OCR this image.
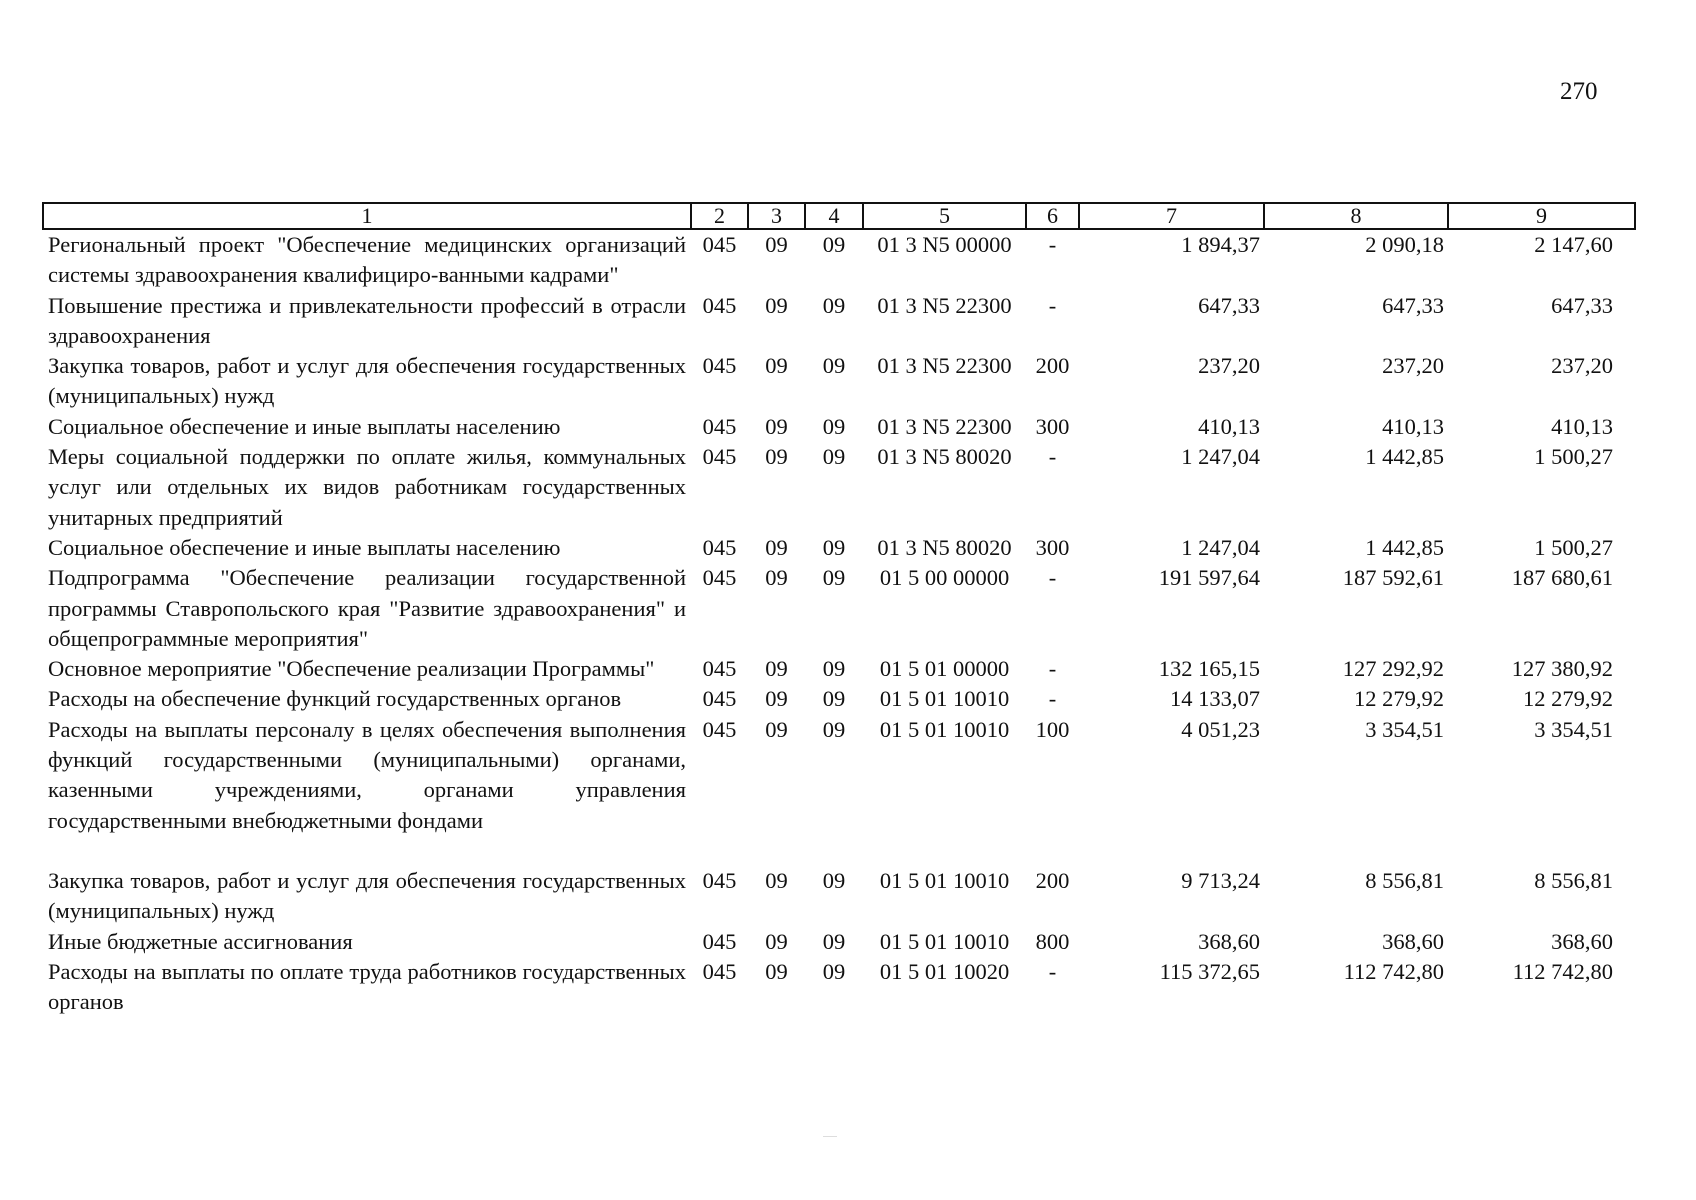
270
1	2	3	4	5	6	7	8	9
Региональный проект "Обеспечение медицинских организаций системы здравоохранения квалифициро-ванными кадрами"	045	09	09	01 3 N5 00000	-	1 894,37	2 090,18	2 147,60
Повышение престижа и привлекательности профессий в отрасли здравоохранения	045	09	09	01 3 N5 22300	-	647,33	647,33	647,33
Закупка товаров, работ и услуг для обеспечения государственных (муниципальных) нужд	045	09	09	01 3 N5 22300	200	237,20	237,20	237,20
Социальное обеспечение и иные выплаты населению	045	09	09	01 3 N5 22300	300	410,13	410,13	410,13
Меры социальной поддержки по оплате жилья, коммунальных услуг или отдельных их видов работникам государственных унитарных предприятий	045	09	09	01 3 N5 80020	-	1 247,04	1 442,85	1 500,27
Социальное обеспечение и иные выплаты населению	045	09	09	01 3 N5 80020	300	1 247,04	1 442,85	1 500,27
Подпрограмма "Обеспечение реализации государственной программы Ставропольского края "Развитие здравоохранения" и общепрограммные мероприятия"	045	09	09	01 5 00 00000	-	191 597,64	187 592,61	187 680,61
Основное мероприятие "Обеспечение реализации Программы"	045	09	09	01 5 01 00000	-	132 165,15	127 292,92	127 380,92
Расходы на обеспечение функций государственных органов	045	09	09	01 5 01 10010	-	14 133,07	12 279,92	12 279,92
Расходы на выплаты персоналу в целях обеспечения выполнения функций государственными (муниципальными) органами, казенными учреждениями, органами управления государственными внебюджетными фондами	045	09	09	01 5 01 10010	100	4 051,23	3 354,51	3 354,51
Закупка товаров, работ и услуг для обеспечения государственных (муниципальных) нужд	045	09	09	01 5 01 10010	200	9 713,24	8 556,81	8 556,81
Иные бюджетные ассигнования	045	09	09	01 5 01 10010	800	368,60	368,60	368,60
Расходы на выплаты по оплате труда работников государственных органов	045	09	09	01 5 01 10020	-	115 372,65	112 742,80	112 742,80
